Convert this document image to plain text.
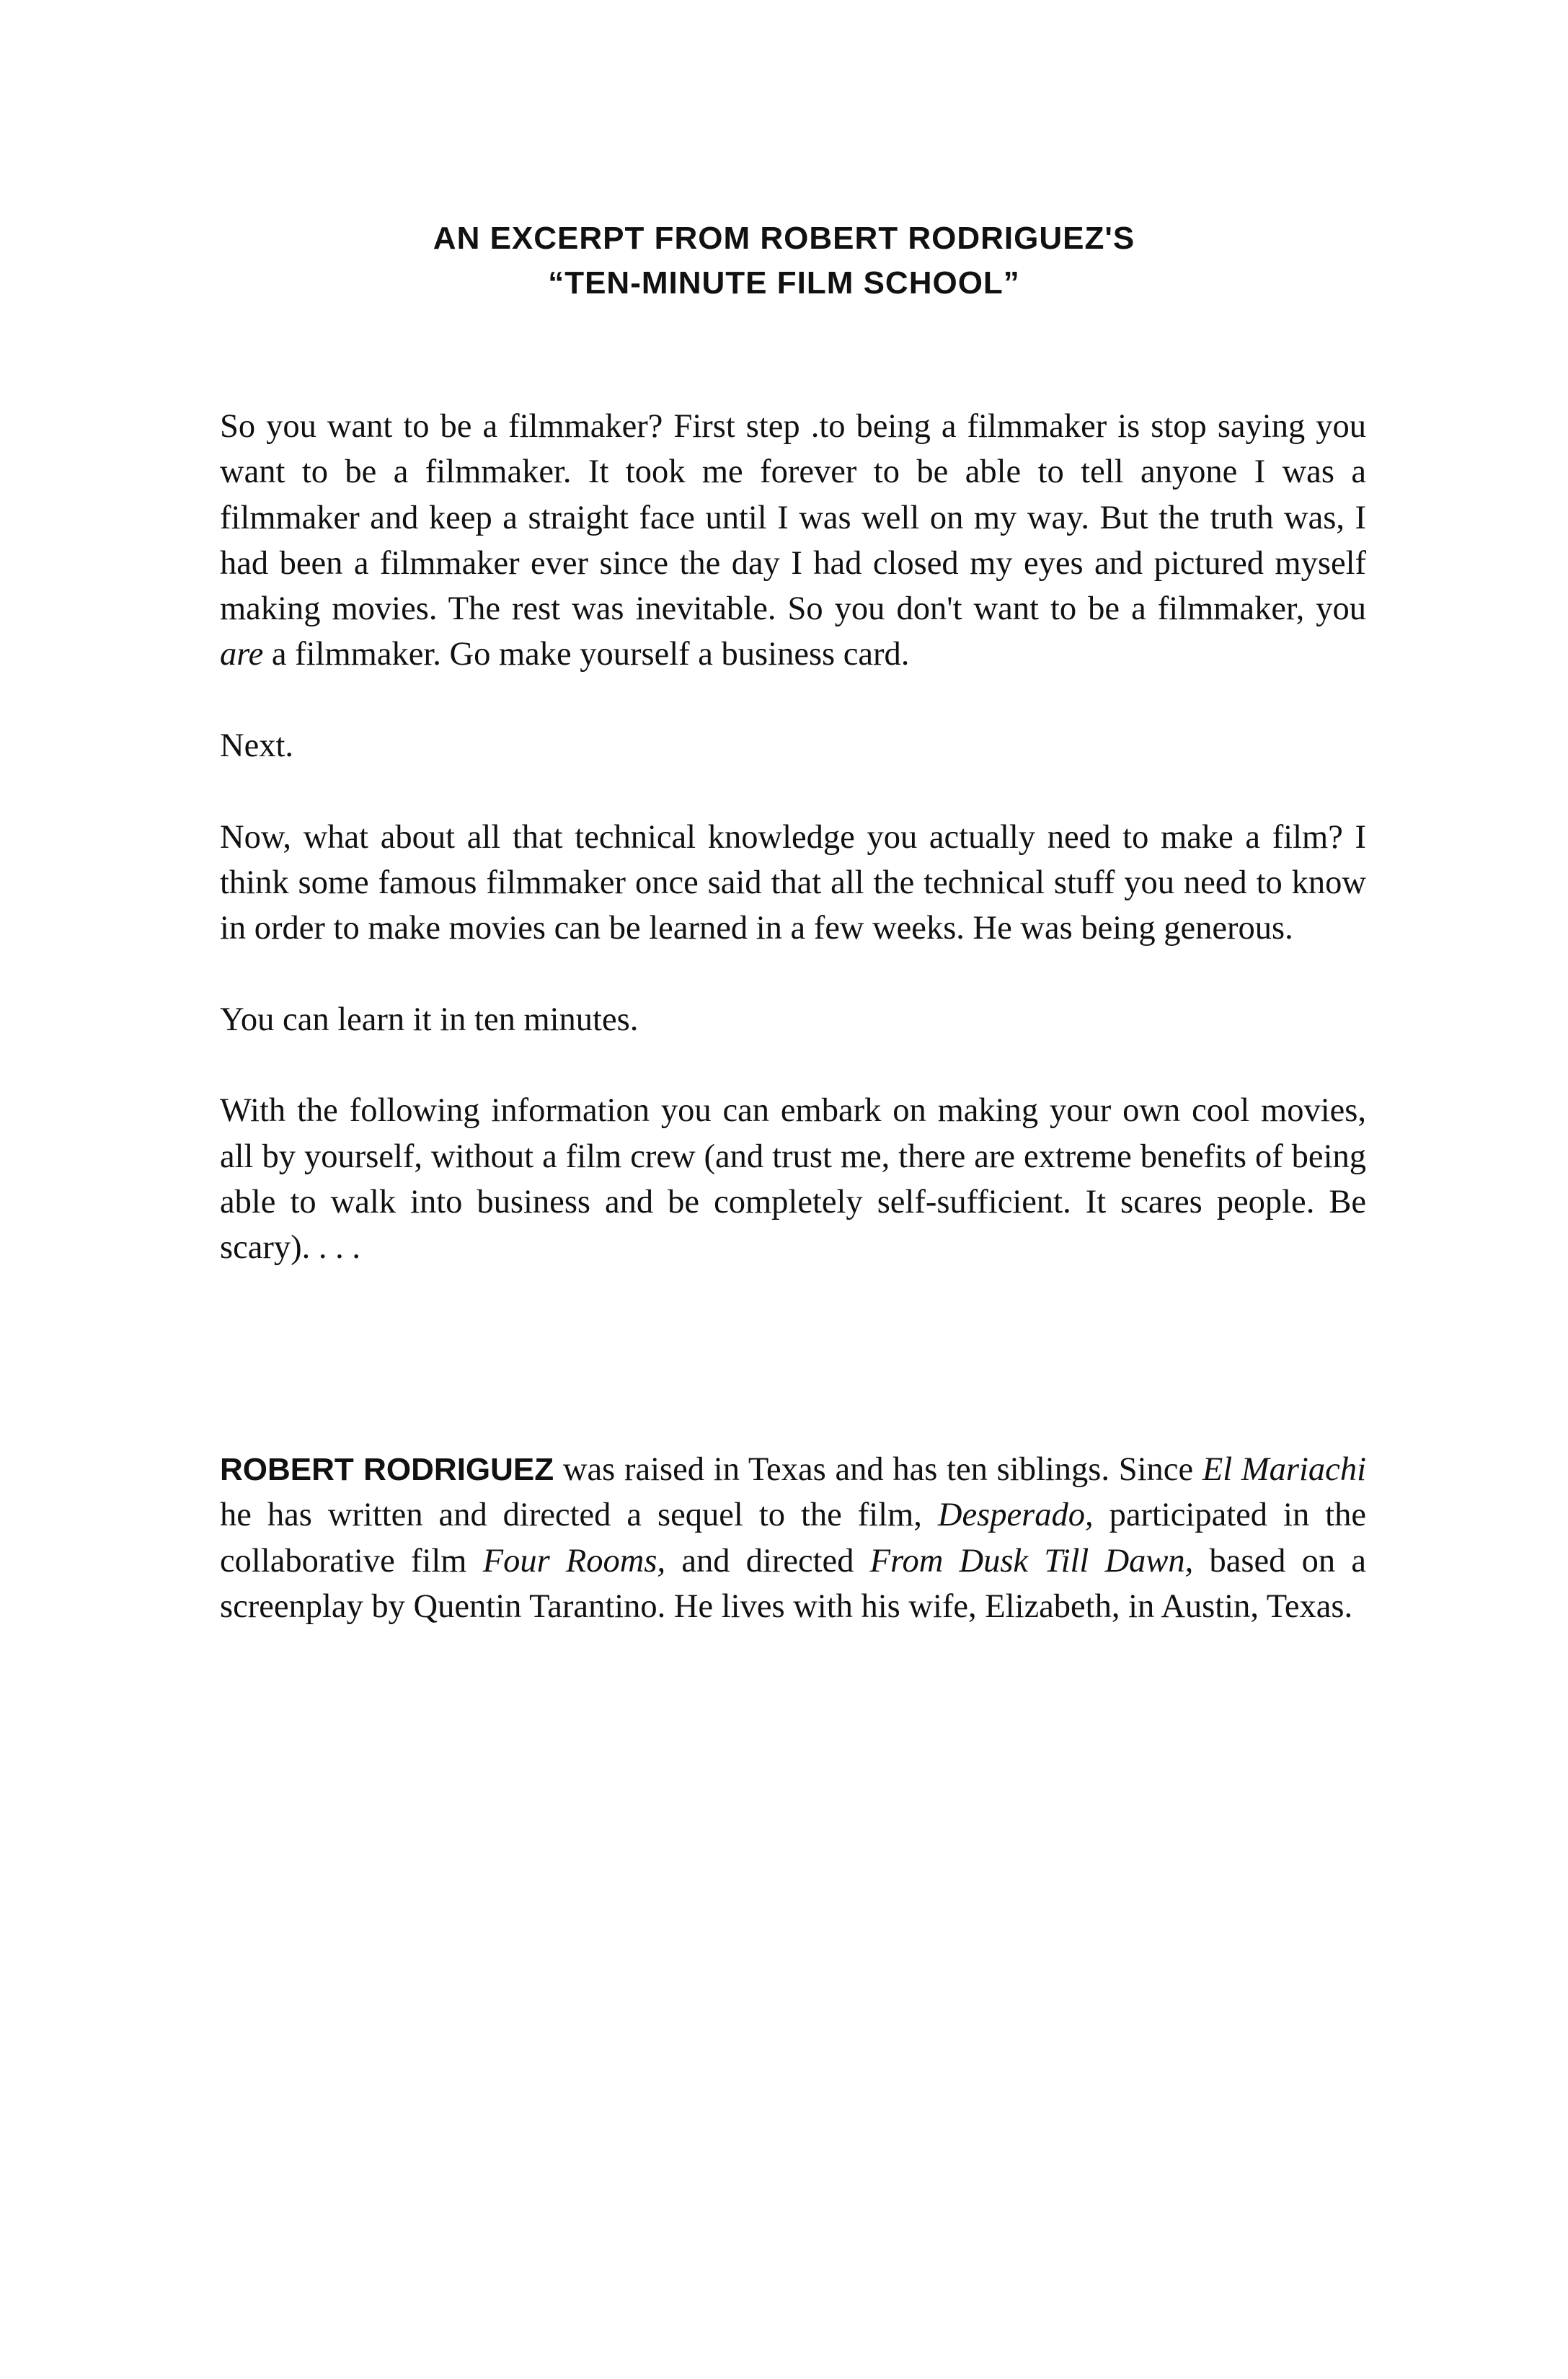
AN EXCERPT FROM ROBERT RODRIGUEZ'S
“TEN-MINUTE FILM SCHOOL”

So you want to be a filmmaker? First step .to being a filmmaker is stop saying you want to be a filmmaker. It took me forever to be able to tell anyone I was a filmmaker and keep a straight face until I was well on my way. But the truth was, I had been a filmmaker ever since the day I had closed my eyes and pictured myself making movies. The rest was inevitable. So you don't want to be a filmmaker, you are a filmmaker. Go make yourself a business card.

Next.

Now, what about all that technical knowledge you actually need to make a film? I think some famous filmmaker once said that all the technical stuff you need to know in order to make movies can be learned in a few weeks. He was being generous.

You can learn it in ten minutes.

With the following information you can embark on making your own cool movies, all by yourself, without a film crew (and trust me, there are extreme benefits of being able to walk into business and be completely self-sufficient. It scares people. Be scary). . . .

ROBERT RODRIGUEZ was raised in Texas and has ten siblings. Since El Mariachi he has written and directed a sequel to the film, Desperado, participated in the collaborative film Four Rooms, and directed From Dusk Till Dawn, based on a screenplay by Quentin Tarantino. He lives with his wife, Elizabeth, in Austin, Texas.
